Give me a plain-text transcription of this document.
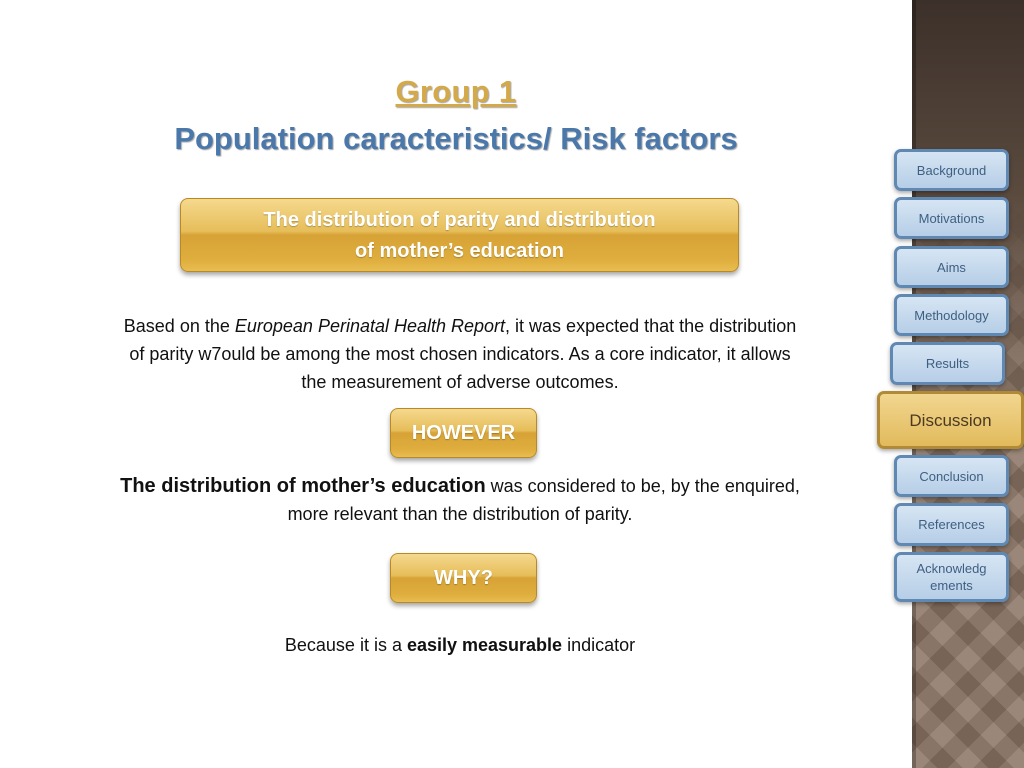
Group 1
Population caracteristics/ Risk factors
The distribution of parity and distribution
of mother’s education
Based on the European Perinatal Health Report, it was expected that the distribution
of parity w7ould be among the most chosen indicators. As a core indicator, it allows
the measurement of adverse outcomes.
HOWEVER
The distribution of mother’s education was considered to be, by the enquired,
more relevant than the distribution of parity.
WHY?
Because it is a easily measurable indicator
Background
Motivations
Aims
Methodology
Results
Discussion
Conclusion
References
Acknowledg
ements
